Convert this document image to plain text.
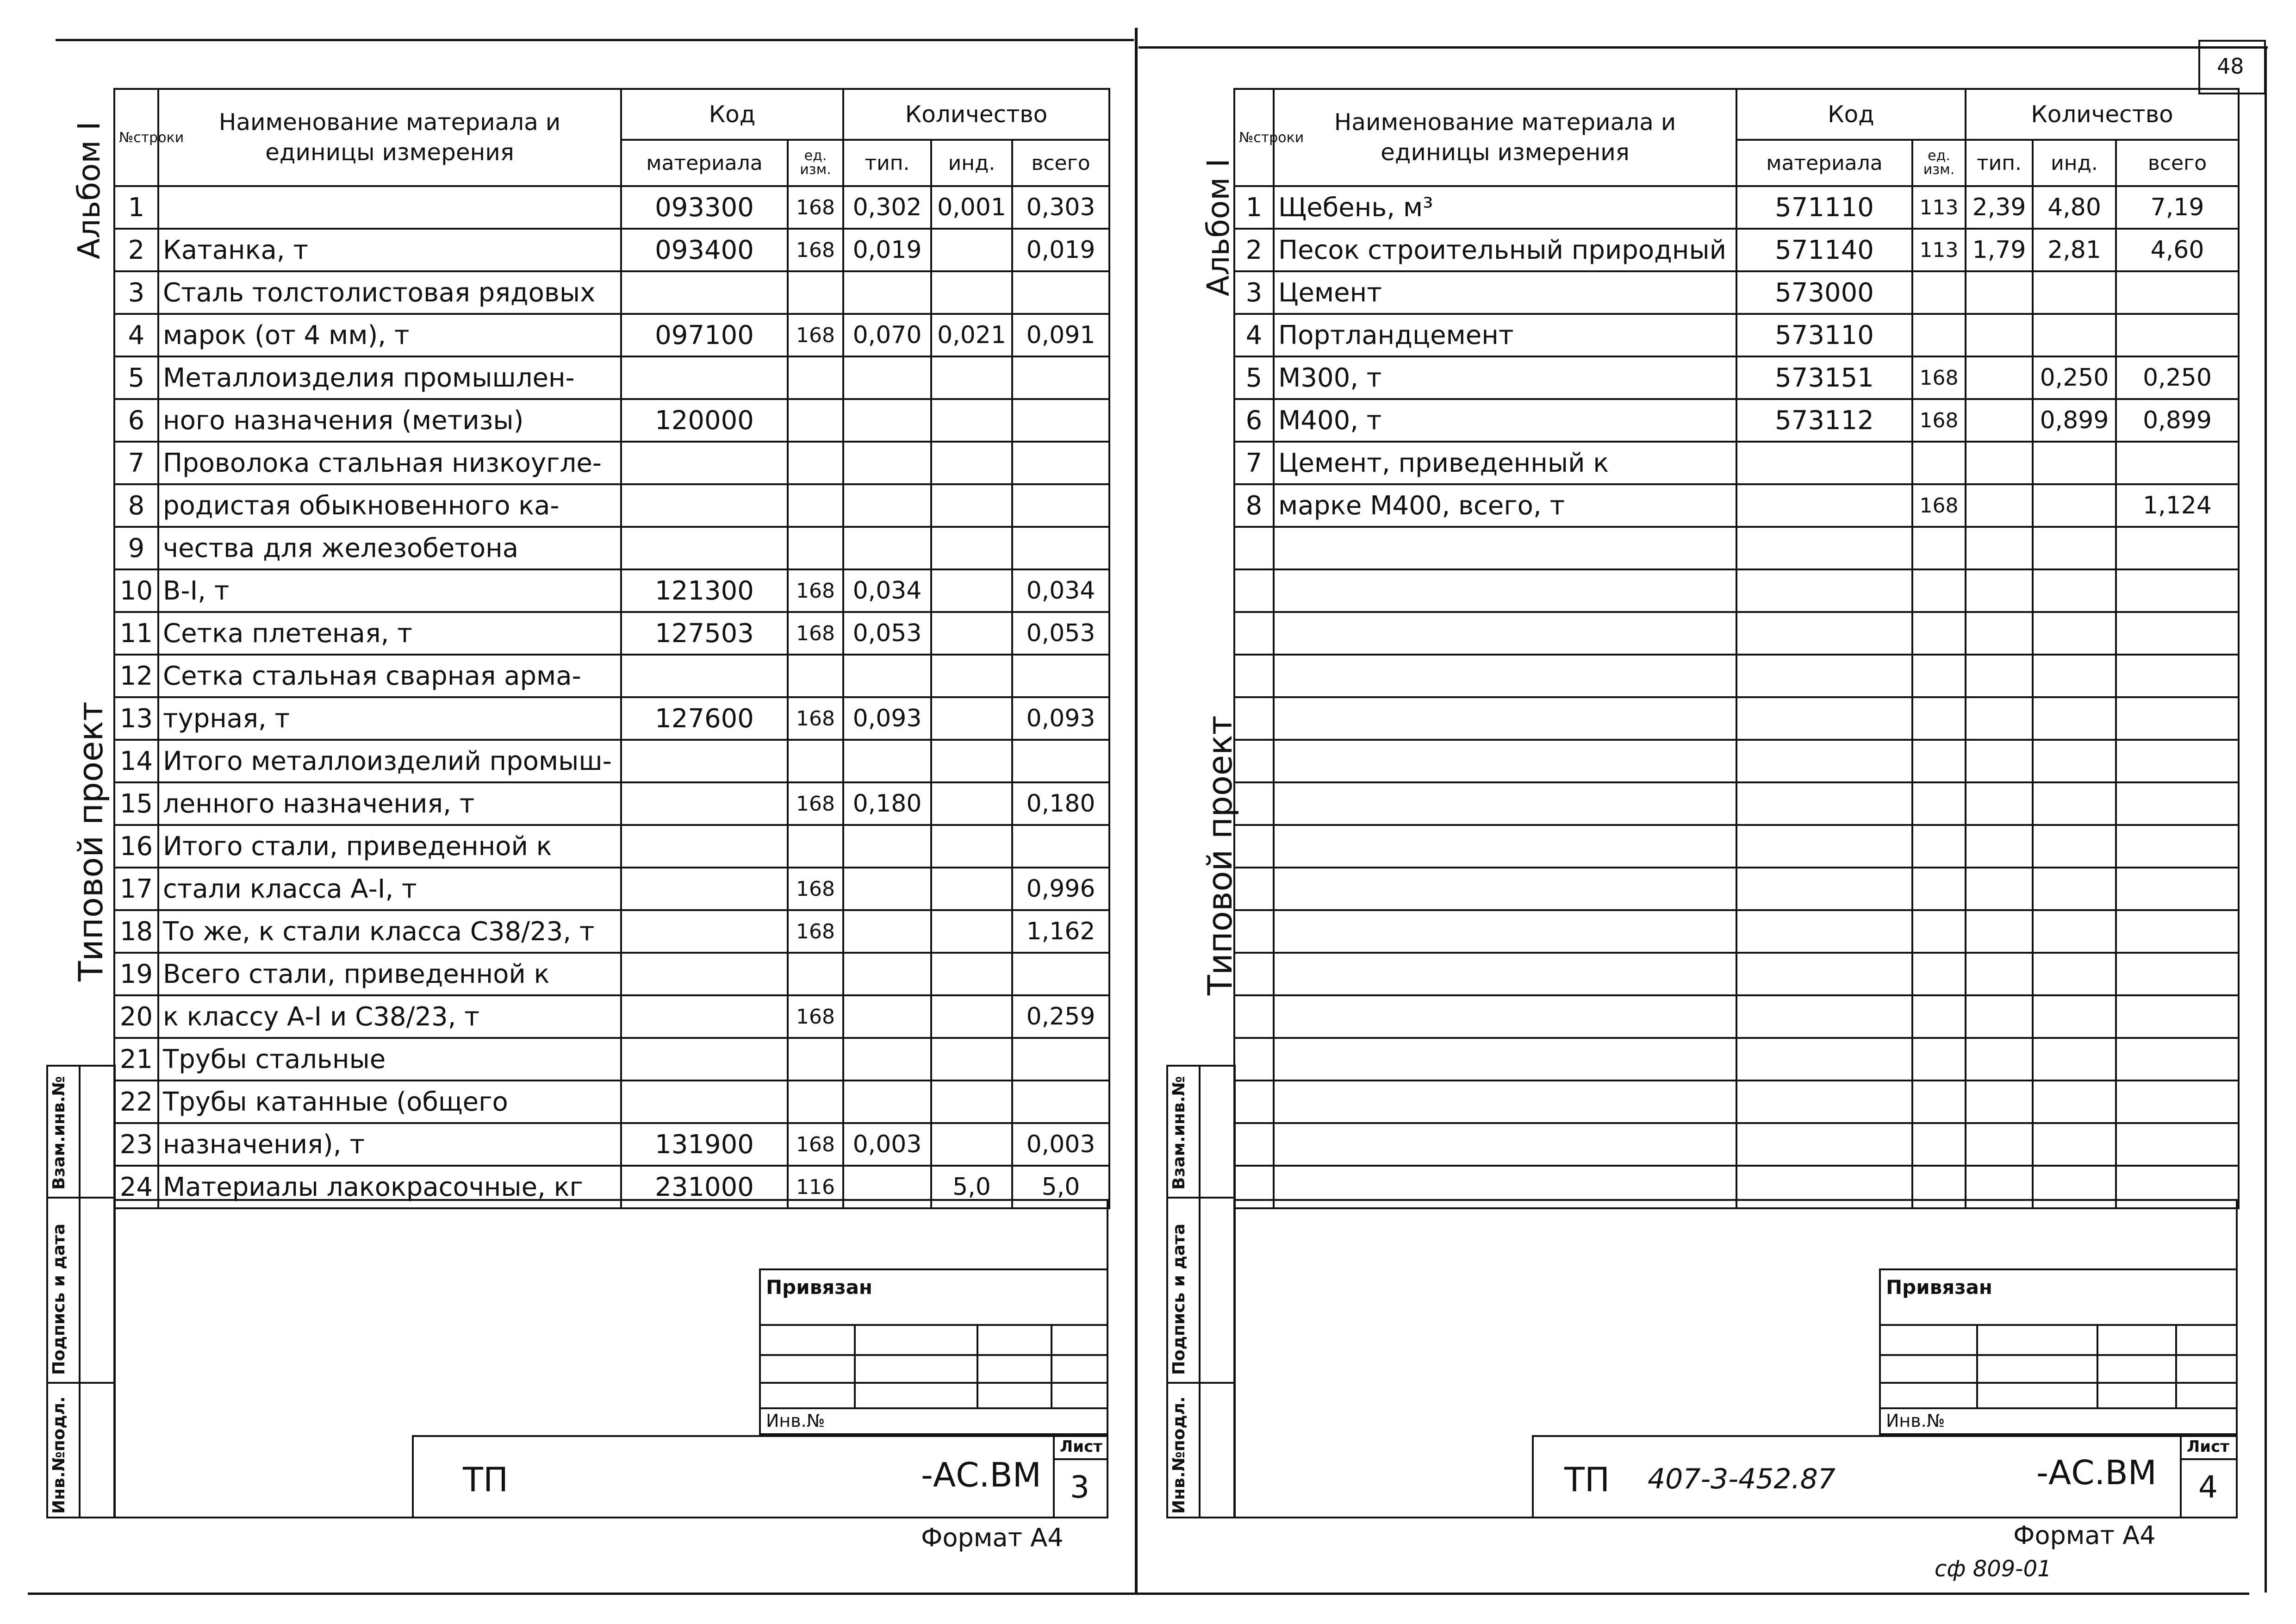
48
Альбом I
Типовой проект
Взам.инв.№
Подпись и дата
Инв.№подл.
№строки	Наименование материала и единицы измерения	Код		Количество		
		материала	ед. изм.	тип.	инд.	всего
1		093300	168	0,302	0,001	0,303
2	Катанка, т	093400	168	0,019		0,019
3	Сталь толстолистовая рядовых					
4	марок (от 4 мм), т	097100	168	0,070	0,021	0,091
5	Металлоизделия промышлен-					
6	ного назначения (метизы)	120000				
7	Проволока стальная низкоугле-					
8	родистая обыкновенного ка-					
9	чества для железобетона					
10	В-I, т	121300	168	0,034		0,034
11	Сетка плетеная, т	127503	168	0,053		0,053
12	Сетка стальная сварная арма-					
13	турная, т	127600	168	0,093		0,093
14	Итого металлоизделий промыш-					
15	ленного назначения, т		168	0,180		0,180
16	Итого стали, приведенной к					
17	стали класса А-I, т		168			0,996
18	То же, к стали класса С38/23, т		168			1,162
19	Всего стали, приведенной к					
20	к классу А-I и С38/23, т		168			0,259
21	Трубы стальные					
22	Трубы катанные (общего					
23	назначения), т	131900	168	0,003		0,003
24	Материалы лакокрасочные, кг	231000	116		5,0	5,0
Привязан
Инв.№
ТП	-АС.ВМ
Лист
3
Формат А4
Альбом I
Типовой проект
Взам.инв.№
Подпись и дата
Инв.№подл.
№строки	Наименование материала и единицы измерения	Код		Количество		
		материала	ед. изм.	тип.	инд.	всего
1	Щебень, м³	571110	113	2,39	4,80	7,19
2	Песок строительный природный	571140	113	1,79	2,81	4,60
3	Цемент	573000				
4	Портландцемент	573110				
5	М300, т	573151	168		0,250	0,250
6	М400, т	573112	168		0,899	0,899
7	Цемент, приведенный к					
8	марке М400, всего, т		168			1,124

Привязан
Инв.№
ТП 407-3-452.87	-АС.ВМ
Лист
4
Формат А4
сф 809-01
